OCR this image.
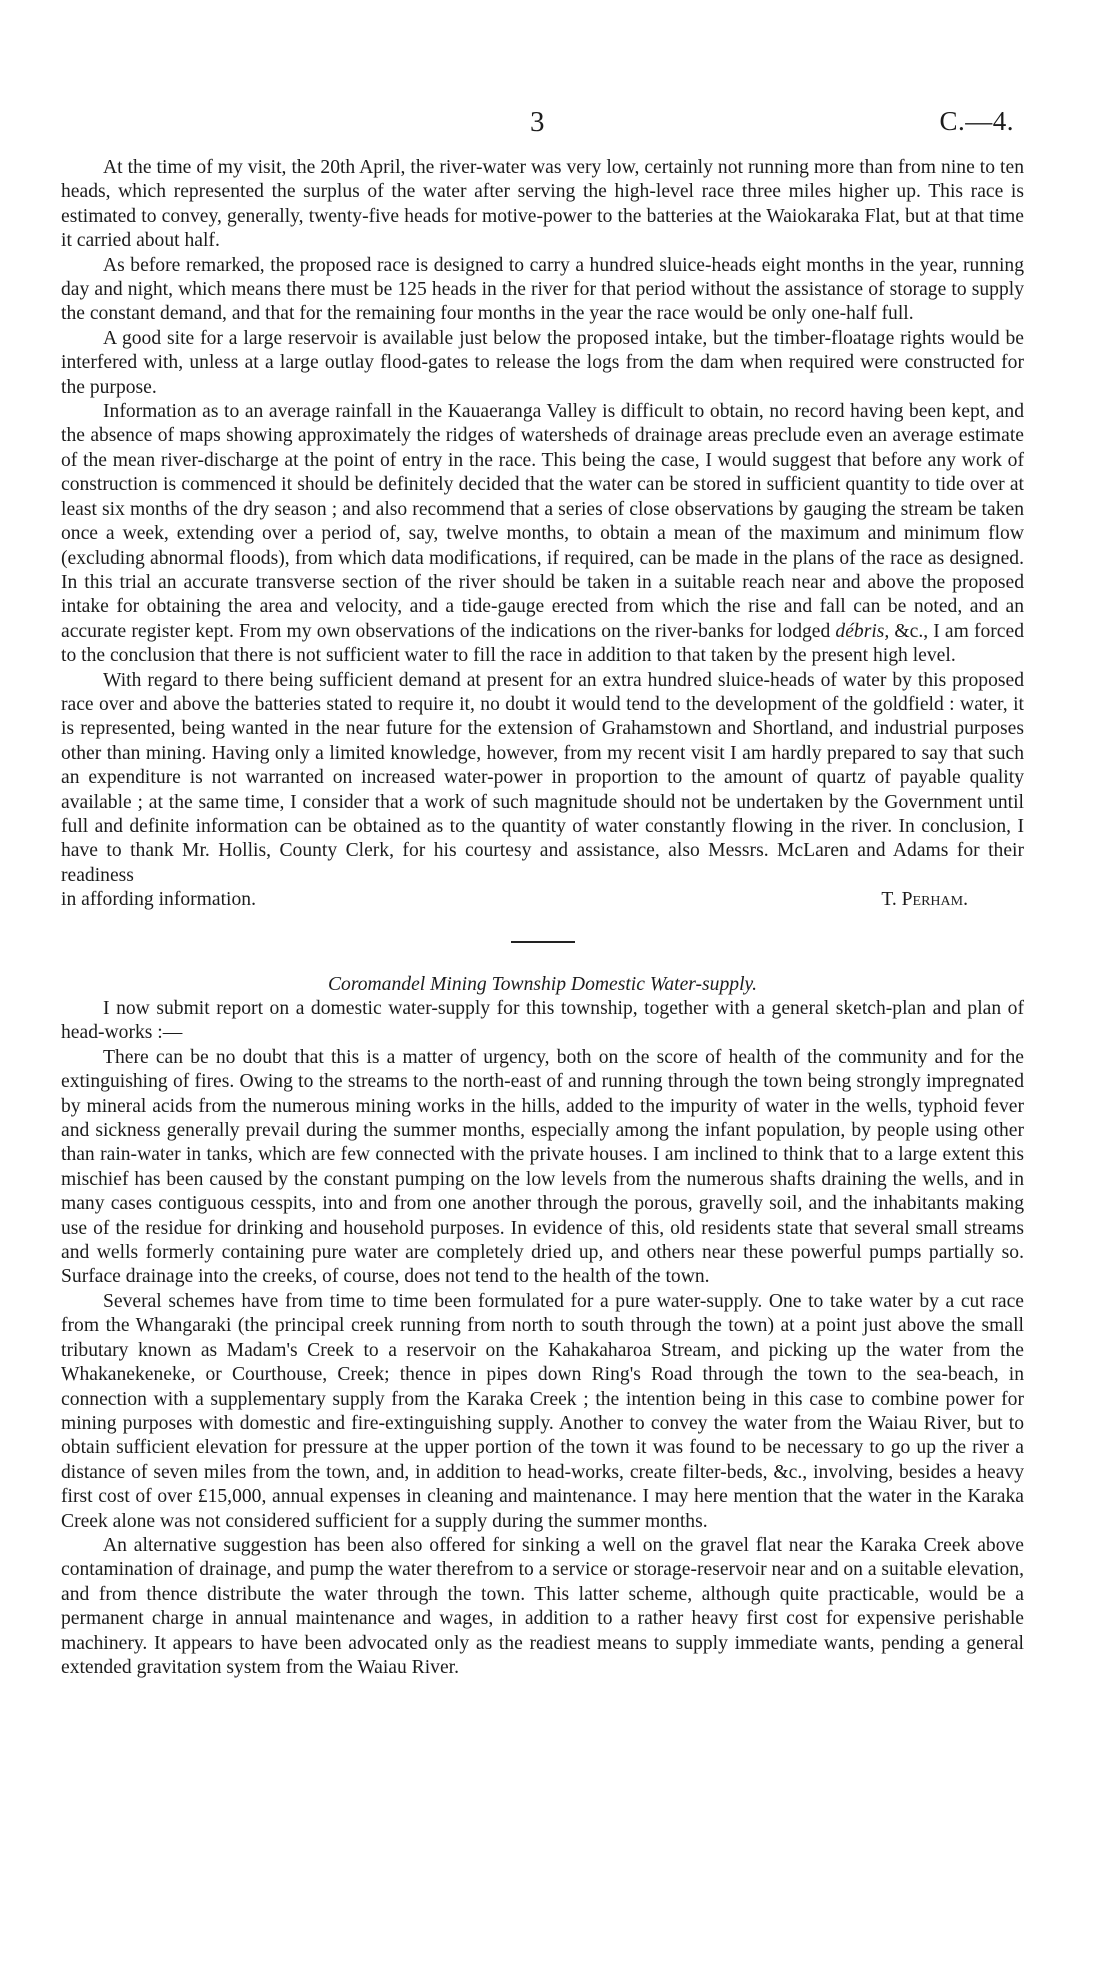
3	C.—4.

At the time of my visit, the 20th April, the river-water was very low, certainly not running more than from nine to ten heads, which represented the surplus of the water after serving the high-level race three miles higher up. This race is estimated to convey, generally, twenty-five heads for motive-power to the batteries at the Waiokaraka Flat, but at that time it carried about half.

As before remarked, the proposed race is designed to carry a hundred sluice-heads eight months in the year, running day and night, which means there must be 125 heads in the river for that period without the assistance of storage to supply the constant demand, and that for the remaining four months in the year the race would be only one-half full.

A good site for a large reservoir is available just below the proposed intake, but the timber-floatage rights would be interfered with, unless at a large outlay flood-gates to release the logs from the dam when required were constructed for the purpose.

Information as to an average rainfall in the Kauaeranga Valley is difficult to obtain, no record having been kept, and the absence of maps showing approximately the ridges of watersheds of drainage areas preclude even an average estimate of the mean river-discharge at the point of entry in the race. This being the case, I would suggest that before any work of construction is commenced it should be definitely decided that the water can be stored in sufficient quantity to tide over at least six months of the dry season ; and also recommend that a series of close observations by gauging the stream be taken once a week, extending over a period of, say, twelve months, to obtain a mean of the maximum and minimum flow (excluding abnormal floods), from which data modifications, if required, can be made in the plans of the race as designed. In this trial an accurate transverse section of the river should be taken in a suitable reach near and above the proposed intake for obtaining the area and velocity, and a tide-gauge erected from which the rise and fall can be noted, and an accurate register kept. From my own observations of the indications on the river-banks for lodged débris, &c., I am forced to the conclusion that there is not sufficient water to fill the race in addition to that taken by the present high level.

With regard to there being sufficient demand at present for an extra hundred sluice-heads of water by this proposed race over and above the batteries stated to require it, no doubt it would tend to the development of the goldfield : water, it is represented, being wanted in the near future for the extension of Grahamstown and Shortland, and industrial purposes other than mining. Having only a limited knowledge, however, from my recent visit I am hardly prepared to say that such an expenditure is not warranted on increased water-power in proportion to the amount of quartz of payable quality available ; at the same time, I consider that a work of such magnitude should not be undertaken by the Government until full and definite information can be obtained as to the quantity of water constantly flowing in the river. In conclusion, I have to thank Mr. Hollis, County Clerk, for his courtesy and assistance, also Messrs. McLaren and Adams for their readiness

in affording information.	T. Perham.

Coromandel Mining Township Domestic Water-supply.

I now submit report on a domestic water-supply for this township, together with a general sketch-plan and plan of head-works :—

There can be no doubt that this is a matter of urgency, both on the score of health of the community and for the extinguishing of fires. Owing to the streams to the north-east of and running through the town being strongly impregnated by mineral acids from the numerous mining works in the hills, added to the impurity of water in the wells, typhoid fever and sickness generally prevail during the summer months, especially among the infant population, by people using other than rain-water in tanks, which are few connected with the private houses. I am inclined to think that to a large extent this mischief has been caused by the constant pumping on the low levels from the numerous shafts draining the wells, and in many cases contiguous cesspits, into and from one another through the porous, gravelly soil, and the inhabitants making use of the residue for drinking and household purposes. In evidence of this, old residents state that several small streams and wells formerly containing pure water are completely dried up, and others near these powerful pumps partially so. Surface drainage into the creeks, of course, does not tend to the health of the town.

Several schemes have from time to time been formulated for a pure water-supply. One to take water by a cut race from the Whangaraki (the principal creek running from north to south through the town) at a point just above the small tributary known as Madam's Creek to a reservoir on the Kahakaharoa Stream, and picking up the water from the Whakanekeneke, or Courthouse, Creek; thence in pipes down Ring's Road through the town to the sea-beach, in connection with a supplementary supply from the Karaka Creek ; the intention being in this case to combine power for mining purposes with domestic and fire-extinguishing supply. Another to convey the water from the Waiau River, but to obtain sufficient elevation for pressure at the upper portion of the town it was found to be necessary to go up the river a distance of seven miles from the town, and, in addition to head-works, create filter-beds, &c., involving, besides a heavy first cost of over £15,000, annual expenses in cleaning and maintenance. I may here mention that the water in the Karaka Creek alone was not considered sufficient for a supply during the summer months.

An alternative suggestion has been also offered for sinking a well on the gravel flat near the Karaka Creek above contamination of drainage, and pump the water therefrom to a service or storage-reservoir near and on a suitable elevation, and from thence distribute the water through the town. This latter scheme, although quite practicable, would be a permanent charge in annual maintenance and wages, in addition to a rather heavy first cost for expensive perishable machinery. It appears to have been advocated only as the readiest means to supply immediate wants, pending a general extended gravitation system from the Waiau River.
